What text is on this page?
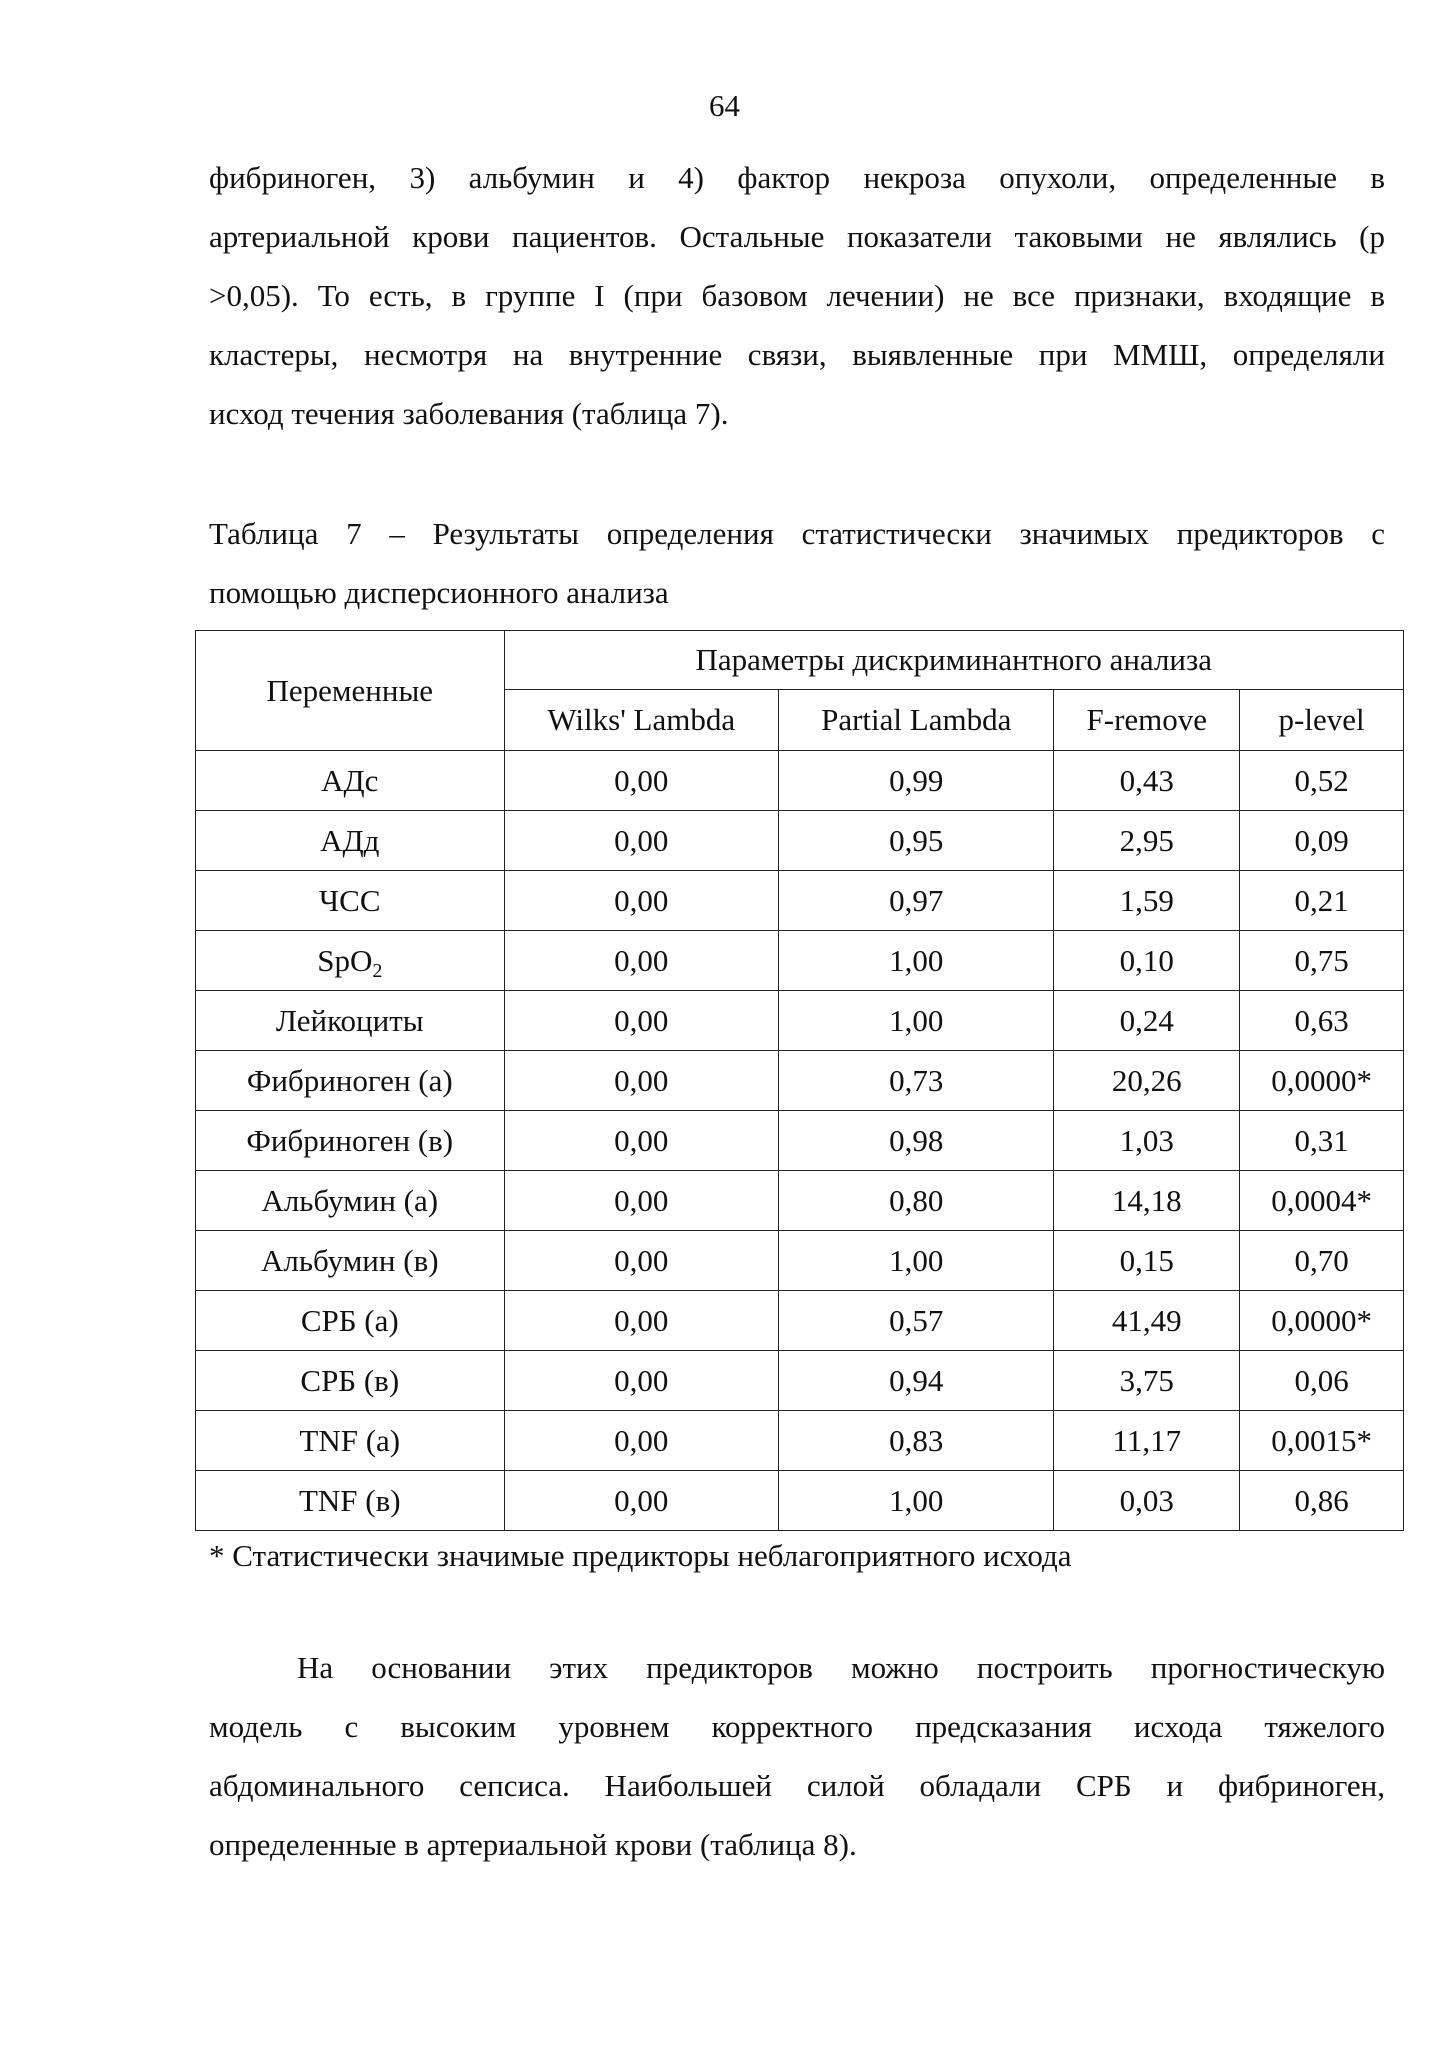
64
фибриноген, 3) альбумин и 4) фактор некроза опухоли, определенные в
артериальной крови пациентов. Остальные показатели таковыми не являлись (р
>0,05). То есть, в группе I (при базовом лечении) не все признаки, входящие в
кластеры, несмотря на внутренние связи, выявленные при ММШ, определяли
исход течения заболевания (таблица 7).
Таблица 7 – Результаты определения статистически значимых предикторов с
помощью дисперсионного анализа
Переменные	Параметры дискриминантного анализа			
	Wilks' Lambda	Partial Lambda	F-remove	p-level
АДс	0,00	0,99	0,43	0,52
АДд	0,00	0,95	2,95	0,09
ЧСС	0,00	0,97	1,59	0,21
SpO$_2$	0,00	1,00	0,10	0,75
Лейкоциты	0,00	1,00	0,24	0,63
Фибриноген (а)	0,00	0,73	20,26	0,0000*
Фибриноген (в)	0,00	0,98	1,03	0,31
Альбумин (а)	0,00	0,80	14,18	0,0004*
Альбумин (в)	0,00	1,00	0,15	0,70
СРБ (а)	0,00	0,57	41,49	0,0000*
СРБ (в)	0,00	0,94	3,75	0,06
TNF (а)	0,00	0,83	11,17	0,0015*
TNF (в)	0,00	1,00	0,03	0,86

* Статистически значимые предикторы неблагоприятного исхода

На основании этих предикторов можно построить прогностическую
модель с высоким уровнем корректного предсказания исхода тяжелого
абдоминального сепсиса. Наибольшей силой обладали СРБ и фибриноген,
определенные в артериальной крови (таблица 8).
